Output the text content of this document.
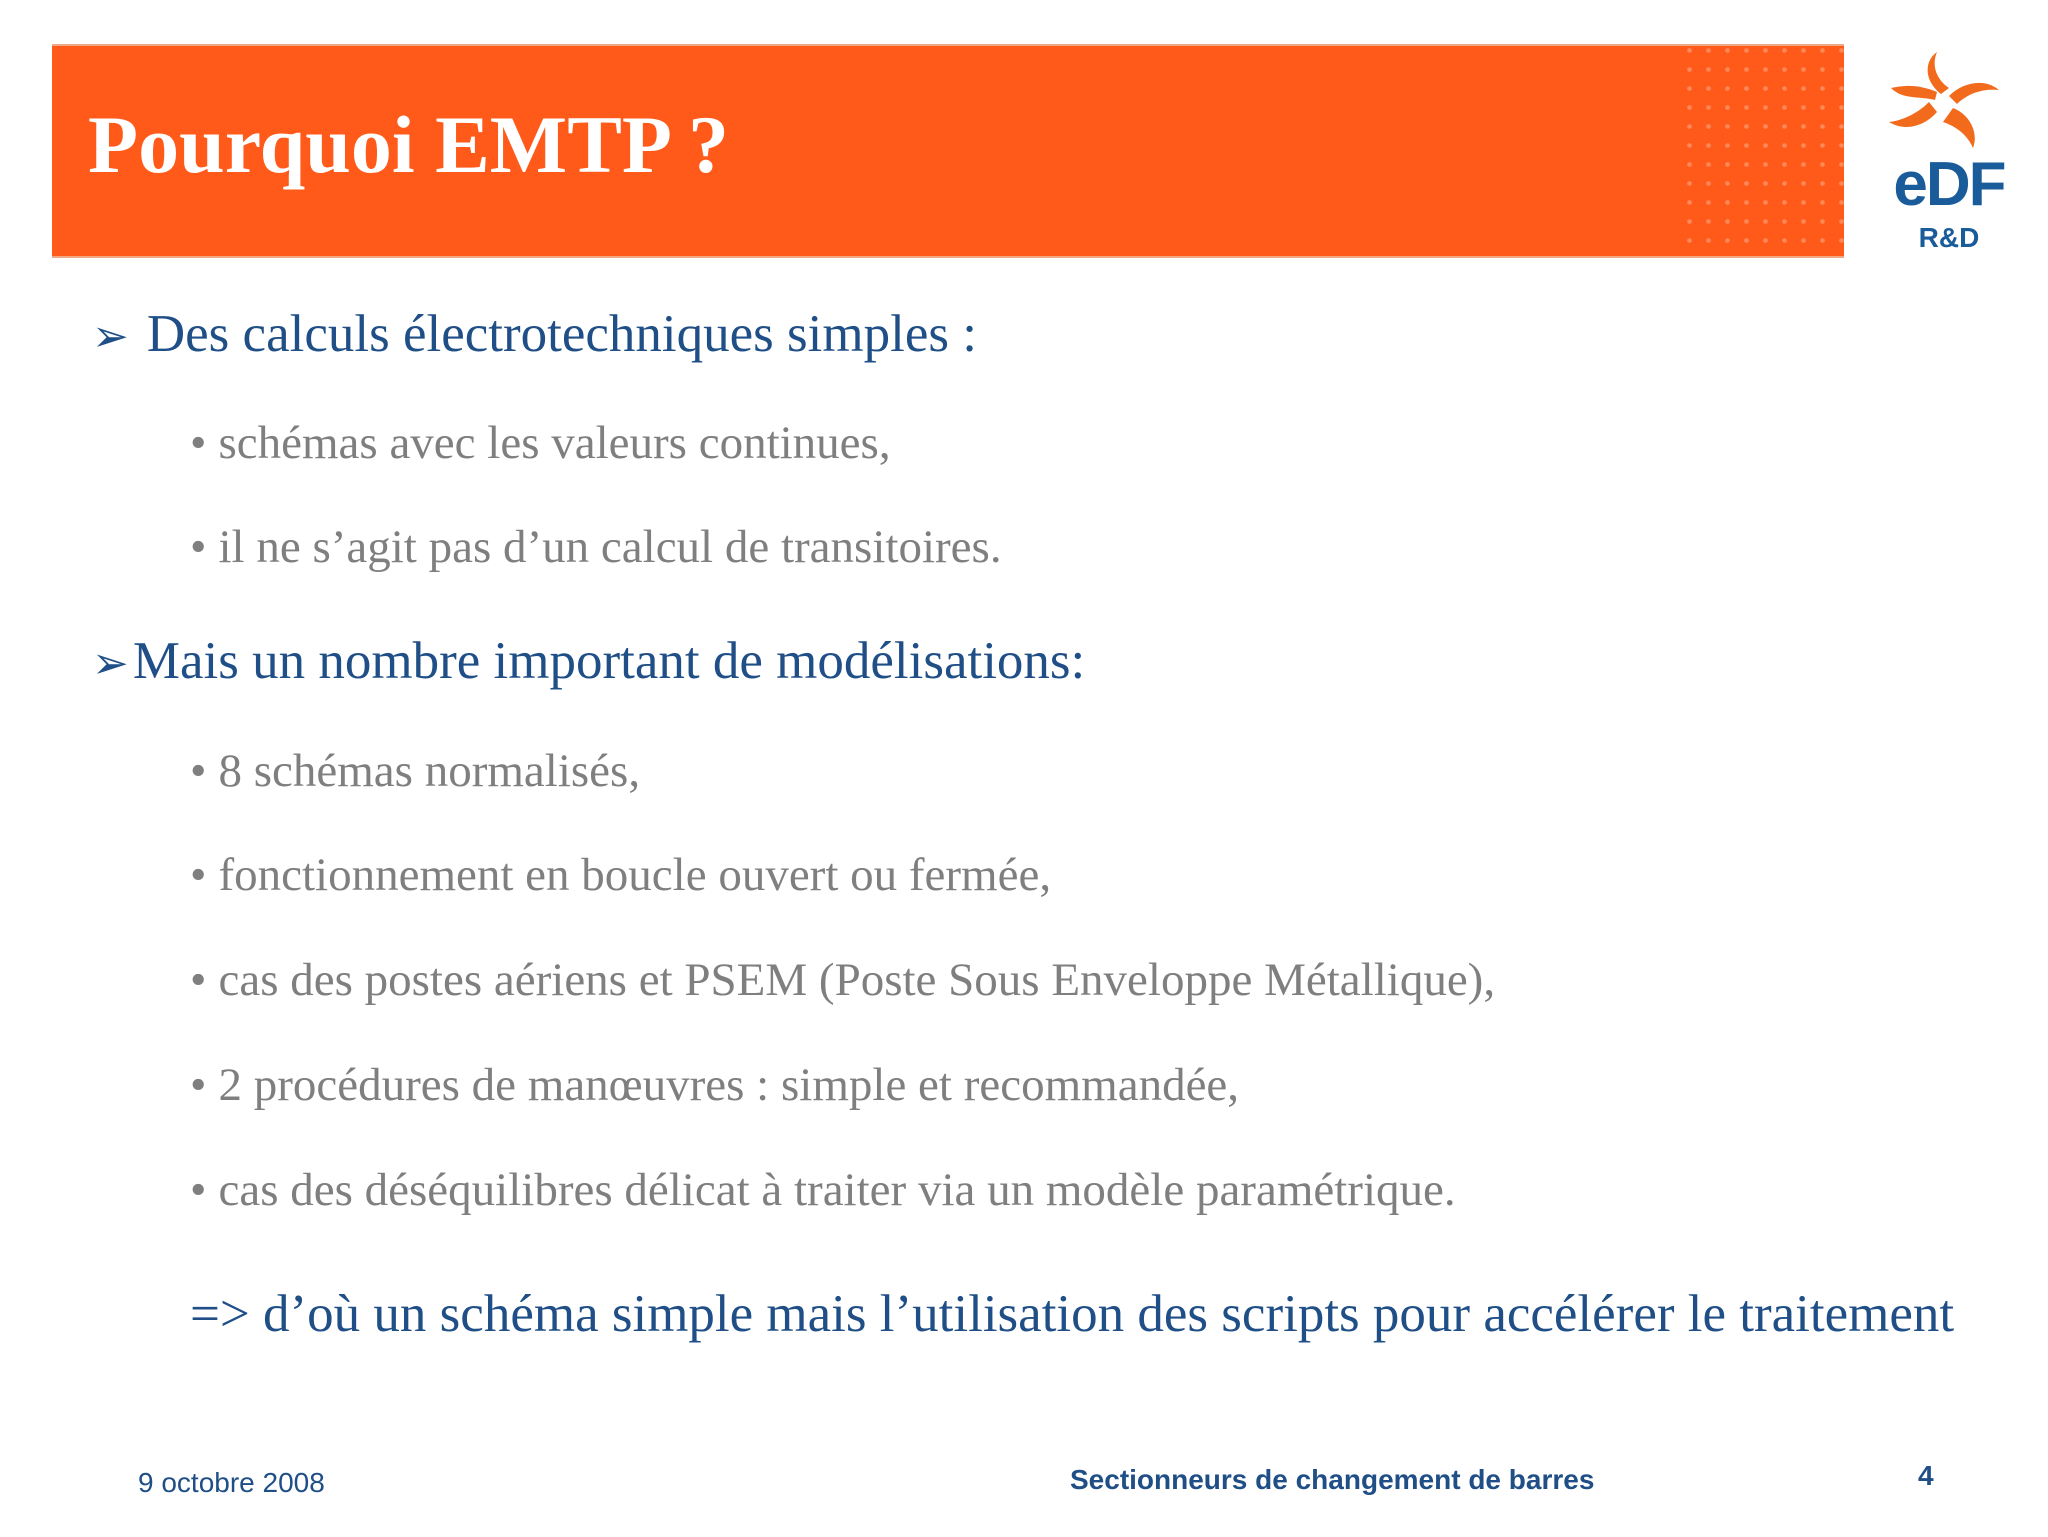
Pourquoi EMTP ?	eDF
R&D

➢ Des calculs électrotechniques simples :

• schémas avec les valeurs continues,

• il ne s’agit pas d’un calcul de transitoires.

➢Mais un nombre important de modélisations:

• 8 schémas normalisés,

• fonctionnement en boucle ouvert ou fermée,

• cas des postes aériens et PSEM (Poste Sous Enveloppe Métallique),

• 2 procédures de manœuvres : simple et recommandée,

• cas des déséquilibres délicat à traiter via un modèle paramétrique.

=> d’où un schéma simple mais l’utilisation des scripts pour accélérer le traitement

9 octobre 2008	Sectionneurs de changement de barres	4
